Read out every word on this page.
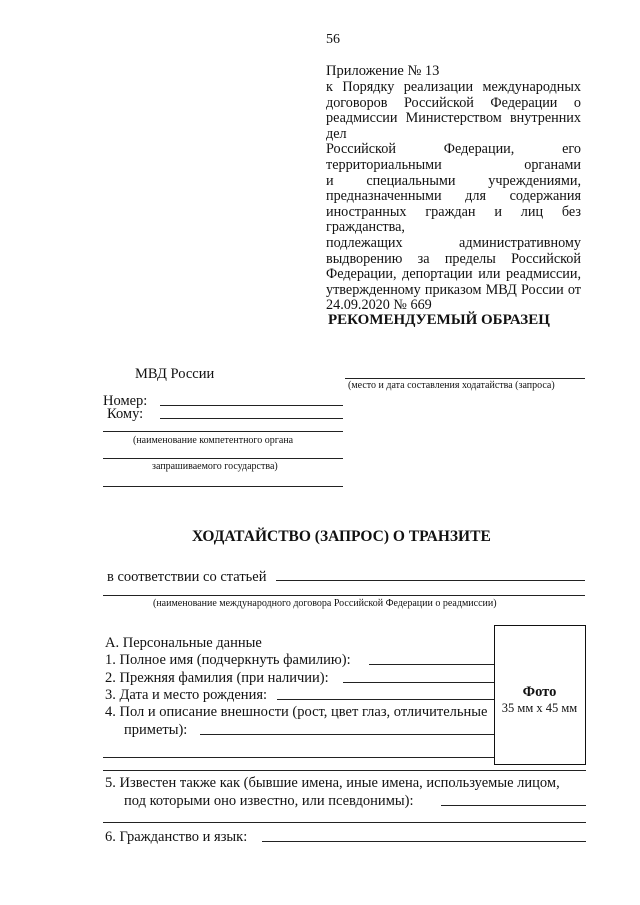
56
Приложение № 13
к Порядку реализации международных
договоров Российской Федерации о
реадмиссии Министерством внутренних дел
Российской Федерации, его
территориальными органами
и специальными учреждениями,
предназначенными для содержания
иностранных граждан и лиц без гражданства,
подлежащих административному
выдворению за пределы Российской
Федерации, депортации или реадмиссии,
утвержденному приказом МВД России от
24.09.2020 № 669
РЕКОМЕНДУЕМЫЙ ОБРАЗЕЦ
МВД России
(место и дата составления ходатайства (запроса)
Номер:
Кому:
(наименование компетентного органа
запрашиваемого государства)
ХОДАТАЙСТВО (ЗАПРОС) О ТРАНЗИТЕ
в соответствии со статьей
(наименование международного договора Российской Федерации о реадмиссии)
А. Персональные данные
1. Полное имя (подчеркнуть фамилию):
2. Прежняя фамилия (при наличии):
3. Дата и место рождения:
4. Пол и описание внешности (рост, цвет глаз, отличительные
приметы):
Фото
35 мм х 45 мм
5. Известен также как (бывшие имена, иные имена, используемые лицом,
под которыми оно известно, или псевдонимы):
6. Гражданство и язык:
